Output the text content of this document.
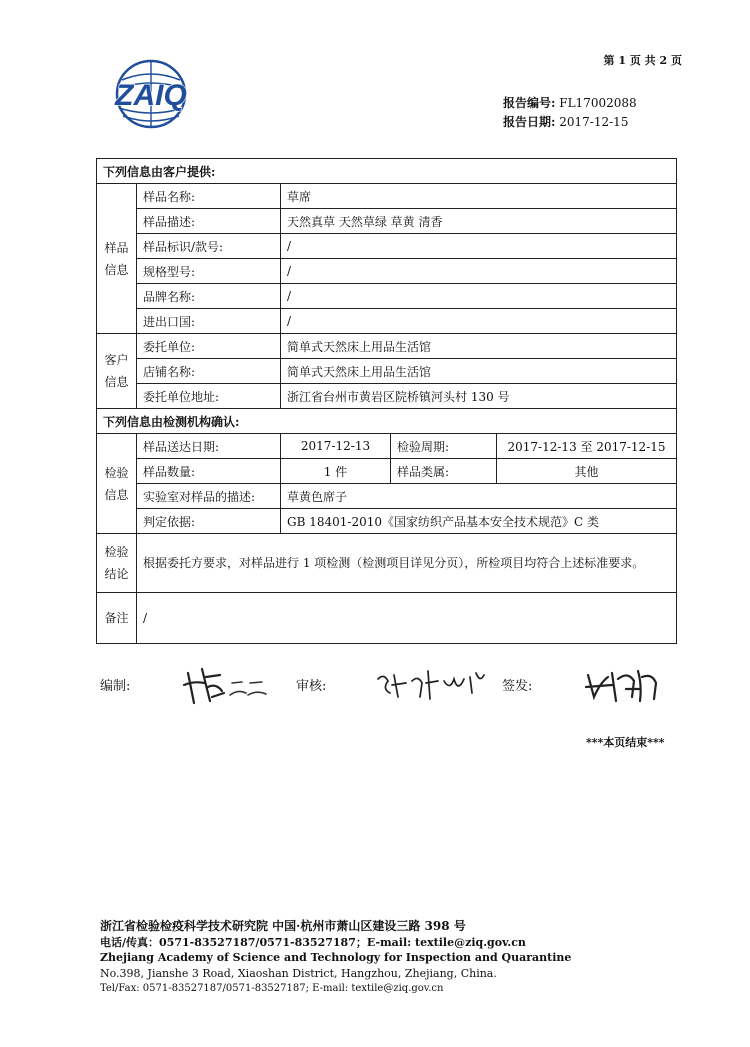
第 1 页 共 2 页
ZAIQ	报告编号: FL17002088
报告日期: 2017-12-15
下列信息由客户提供:				
样品
信息	样品名称:	草席		
	样品描述:	天然真草 天然草绿 草黄 清香		
	样品标识/款号:	/		
	规格型号:	/		
	品牌名称:	/		
	进出口国:	/		
客户
信息	委托单位:	简单式天然床上用品生活馆		
	店铺名称:	简单式天然床上用品生活馆		
	委托单位地址:	浙江省台州市黄岩区院桥镇河头村 130 号		
下列信息由检测机构确认:				
检验
信息	样品送达日期:	2017-12-13	检验周期:	2017-12-13 至 2017-12-15
	样品数量:	1 件	样品类属:	其他
	实验室对样品的描述:	草黄色席子		
	判定依据:	GB 18401-2010《国家纺织产品基本安全技术规范》C 类		
检验
结论	根据委托方要求，对样品进行 1 项检测（检测项目详见分页），所检项目均符合上述标准要求。			
备注	/			
编制:	审核:	签发:
***本页结束***
浙江省检验检疫科学技术研究院 中国·杭州市萧山区建设三路 398 号
电话/传真：0571-83527187/0571-83527187；E-mail: textile@ziq.gov.cn
Zhejiang Academy of Science and Technology for Inspection and Quarantine
No.398, Jianshe 3 Road, Xiaoshan District, Hangzhou, Zhejiang, China.
Tel/Fax: 0571-83527187/0571-83527187; E-mail: textile@ziq.gov.cn
